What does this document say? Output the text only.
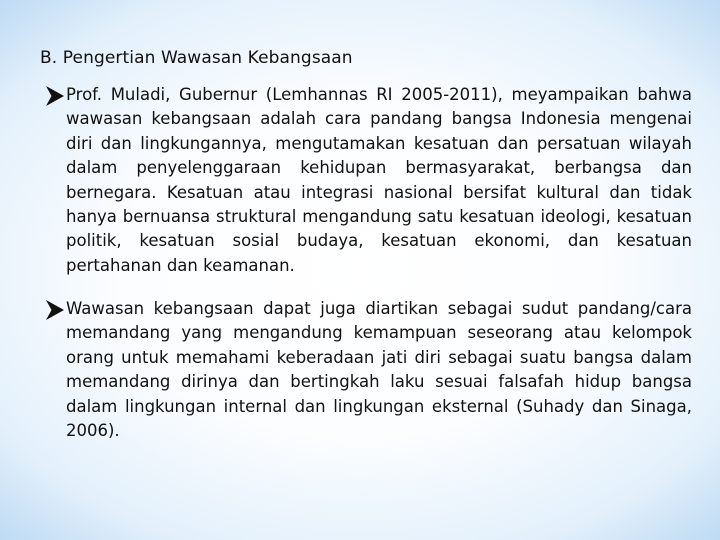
B. Pengertian Wawasan Kebangsaan

Prof. Muladi, Gubernur (Lemhannas RI 2005-2011), meyampaikan bahwa wawasan kebangsaan adalah cara pandang bangsa Indonesia mengenai diri dan lingkungannya, mengutamakan kesatuan dan persatuan wilayah dalam penyelenggaraan kehidupan bermasyarakat, berbangsa dan bernegara. Kesatuan atau integrasi nasional bersifat kultural dan tidak hanya bernuansa struktural mengandung satu kesatuan ideologi, kesatuan politik, kesatuan sosial budaya, kesatuan ekonomi, dan kesatuan pertahanan dan keamanan.

Wawasan kebangsaan dapat juga diartikan sebagai sudut pandang/cara memandang yang mengandung kemampuan seseorang atau kelompok orang untuk memahami keberadaan jati diri sebagai suatu bangsa dalam memandang dirinya dan bertingkah laku sesuai falsafah hidup bangsa dalam lingkungan internal dan lingkungan eksternal (Suhady dan Sinaga, 2006).
